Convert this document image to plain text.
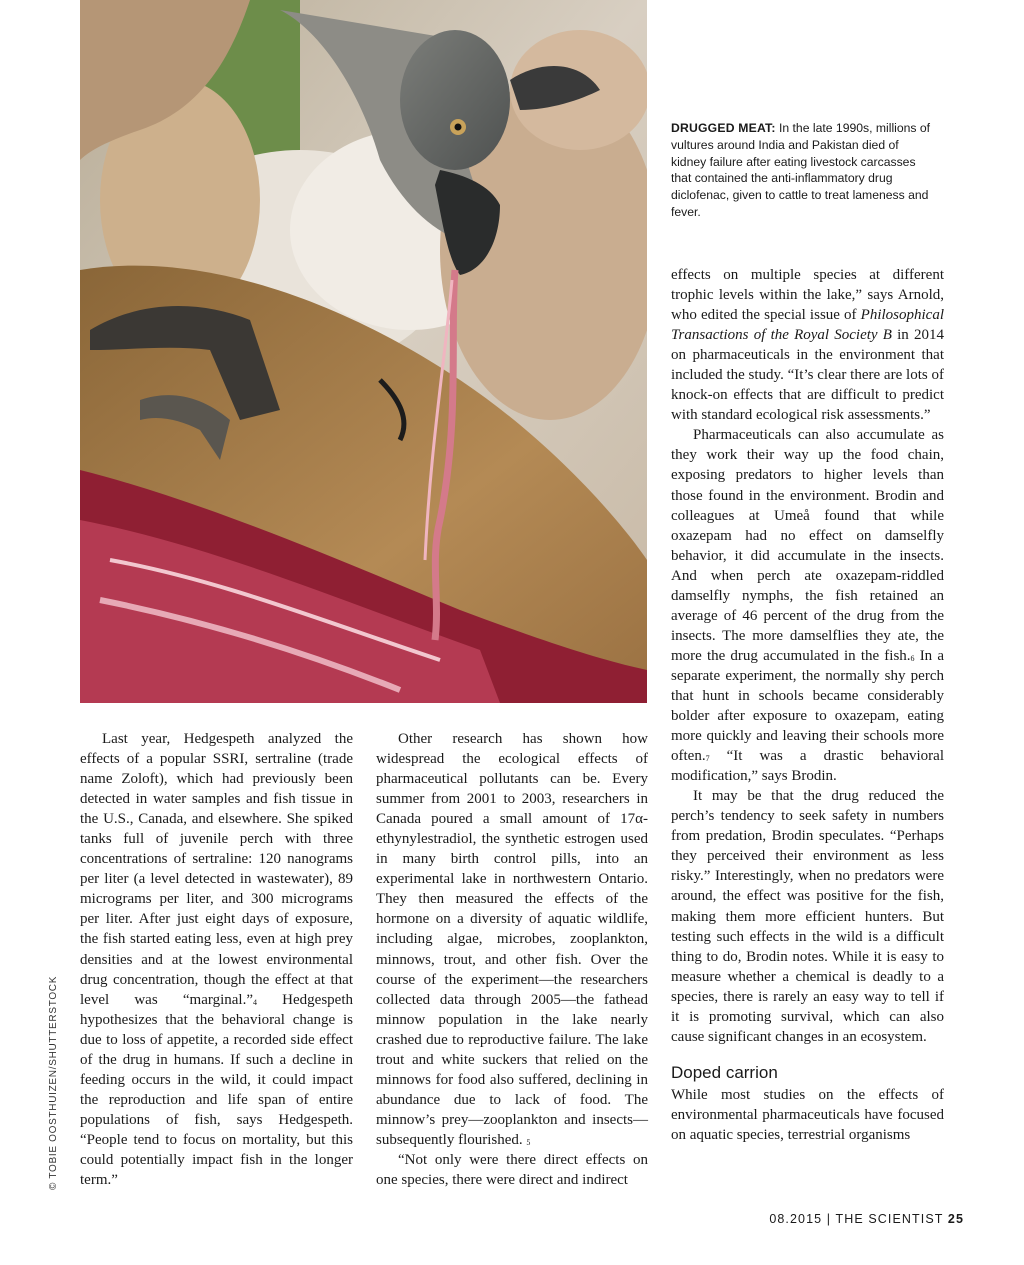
DRUGGED MEAT: In the late 1990s, millions of vultures around India and Pakistan died of kidney failure after eating livestock carcasses that contained the anti-inflammatory drug diclofenac, given to cattle to treat lameness and fever.
© TOBIE OOSTHUIZEN/SHUTTERSTOCK

Last year, Hedgespeth analyzed the effects of a popular SSRI, sertraline (trade name Zoloft), which had previously been detected in water samples and fish tissue in the U.S., Canada, and elsewhere. She spiked tanks full of juvenile perch with three concentrations of sertraline: 120 nanograms per liter (a level detected in wastewater), 89 micrograms per liter, and 300 micrograms per liter. After just eight days of exposure, the fish started eating less, even at high prey densities and at the lowest environmental drug concentration, though the effect at that level was “marginal.”$^4$ Hedgespeth hypothesizes that the behavioral change is due to loss of appetite, a recorded side effect of the drug in humans. If such a decline in feeding occurs in the wild, it could impact the reproduction and life span of entire populations of fish, says Hedgespeth. “People tend to focus on mortality, but this could potentially impact fish in the longer term.”

Other research has shown how widespread the ecological effects of pharmaceutical pollutants can be. Every summer from 2001 to 2003, researchers in Canada poured a small amount of 17α-ethynylestradiol, the synthetic estrogen used in many birth control pills, into an experimental lake in northwestern Ontario. They then measured the effects of the hormone on a diversity of aquatic wildlife, including algae, microbes, zooplankton, minnows, trout, and other fish. Over the course of the experiment—the researchers collected data through 2005—the fathead minnow population in the lake nearly crashed due to reproductive failure. The lake trout and white suckers that relied on the minnows for food also suffered, declining in abundance due to lack of food. The minnow’s prey—zooplankton and insects—subsequently flourished. $^5$

“Not only were there direct effects on one species, there were direct and indirect

effects on multiple species at different trophic levels within the lake,” says Arnold, who edited the special issue of Philosophical Transactions of the Royal Society B in 2014 on pharmaceuticals in the environment that included the study. “It’s clear there are lots of knock-on effects that are difficult to predict with standard ecological risk assessments.”

Pharmaceuticals can also accumulate as they work their way up the food chain, exposing predators to higher levels than those found in the environment. Brodin and colleagues at Umeå found that while oxazepam had no effect on damselfly behavior, it did accumulate in the insects. And when perch ate oxazepam-riddled damselfly nymphs, the fish retained an average of 46 percent of the drug from the insects. The more damselflies they ate, the more the drug accumulated in the fish.$^6$ In a separate experiment, the normally shy perch that hunt in schools became considerably bolder after exposure to oxazepam, eating more quickly and leaving their schools more often.$^7$ “It was a drastic behavioral modification,” says Brodin.

It may be that the drug reduced the perch’s tendency to seek safety in numbers from predation, Brodin speculates. “Perhaps they perceived their environment as less risky.” Interestingly, when no predators were around, the effect was positive for the fish, making them more efficient hunters. But testing such effects in the wild is a difficult thing to do, Brodin notes. While it is easy to measure whether a chemical is deadly to a species, there is rarely an easy way to tell if it is promoting survival, which can also cause significant changes in an ecosystem.

Doped carrion

While most studies on the effects of environmental pharmaceuticals have focused on aquatic species, terrestrial organisms

08.2015 | THE SCIENTIST 25
